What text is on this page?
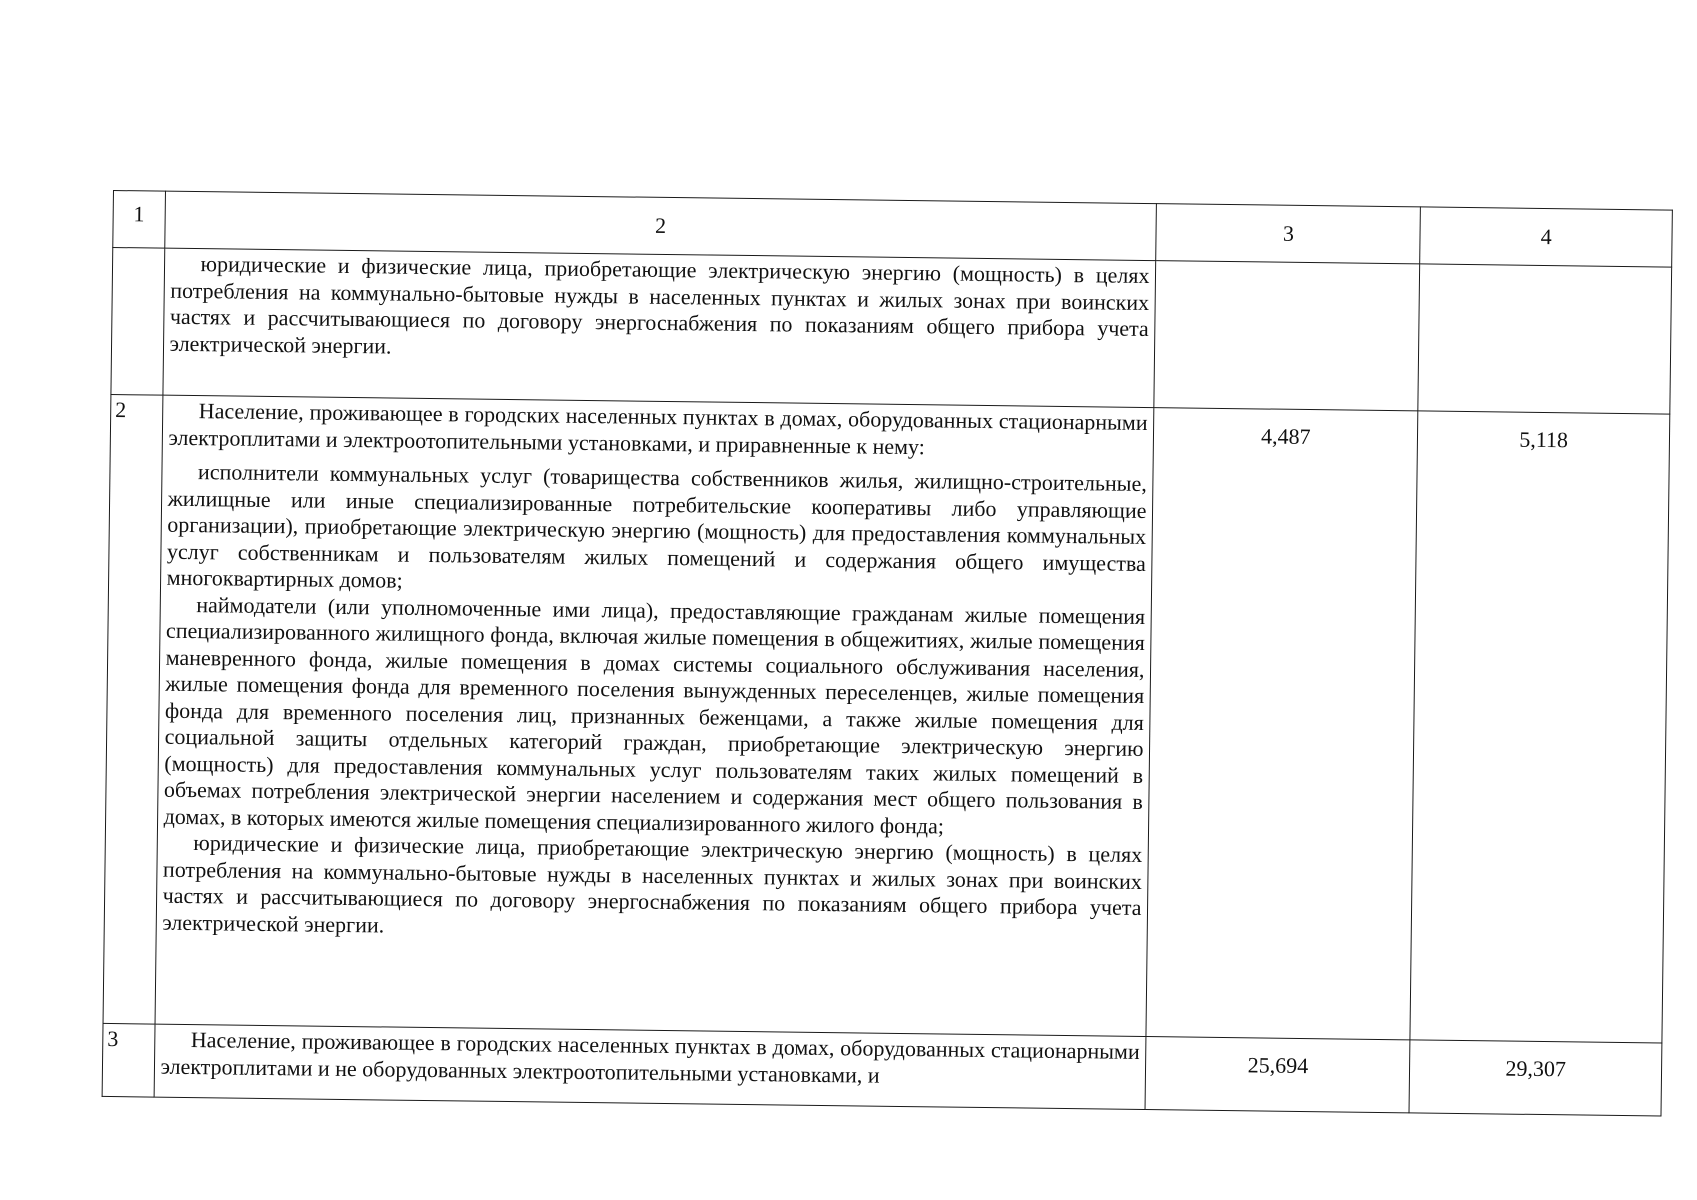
1	2	3	4

	юридические и физические лица, приобретающие электрическую энергию (мощность) в целях потребления на коммунально-бытовые нужды в населенных пунктах и жилых зонах при воинских частях и рассчитывающиеся по договору энергоснабжения по показаниям общего прибора учета электрической энергии.		

2	Население, проживающее в городских населенных пунктах в домах, оборудованных стационарными электроплитами и электроотопительными установками, и приравненные к нему:

исполнители коммунальных услуг (товарищества собственников жилья, жилищно-строительные, жилищные или иные специализированные потребительские кооперативы либо управляющие организации), приобретающие электрическую энергию (мощность) для предоставления коммунальных услуг собственникам и пользователям жилых помещений и содержания общего имущества многоквартирных домов;

наймодатели (или уполномоченные ими лица), предоставляющие гражданам жилые помещения специализированного жилищного фонда, включая жилые помещения в общежитиях, жилые помещения маневренного фонда, жилые помещения в домах системы социального обслуживания населения, жилые помещения фонда для временного поселения вынужденных переселенцев, жилые помещения фонда для временного поселения лиц, признанных беженцами, а также жилые помещения для социальной защиты отдельных категорий граждан, приобретающие электрическую энергию (мощность) для предоставления коммунальных услуг пользователям таких жилых помещений в объемах потребления электрической энергии населением и содержания мест общего пользования в домах, в которых имеются жилые помещения специализированного жилого фонда;

юридические и физические лица, приобретающие электрическую энергию (мощность) в целях потребления на коммунально-бытовые нужды в населенных пунктах и жилых зонах при воинских частях и рассчитывающиеся по договору энергоснабжения по показаниям общего прибора учета электрической энергии.	4,487	5,118
3	Население, проживающее в городских населенных пунктах в домах, оборудованных стационарными электроплитами и не оборудованных электроотопительными установками, и	25,694	29,307
